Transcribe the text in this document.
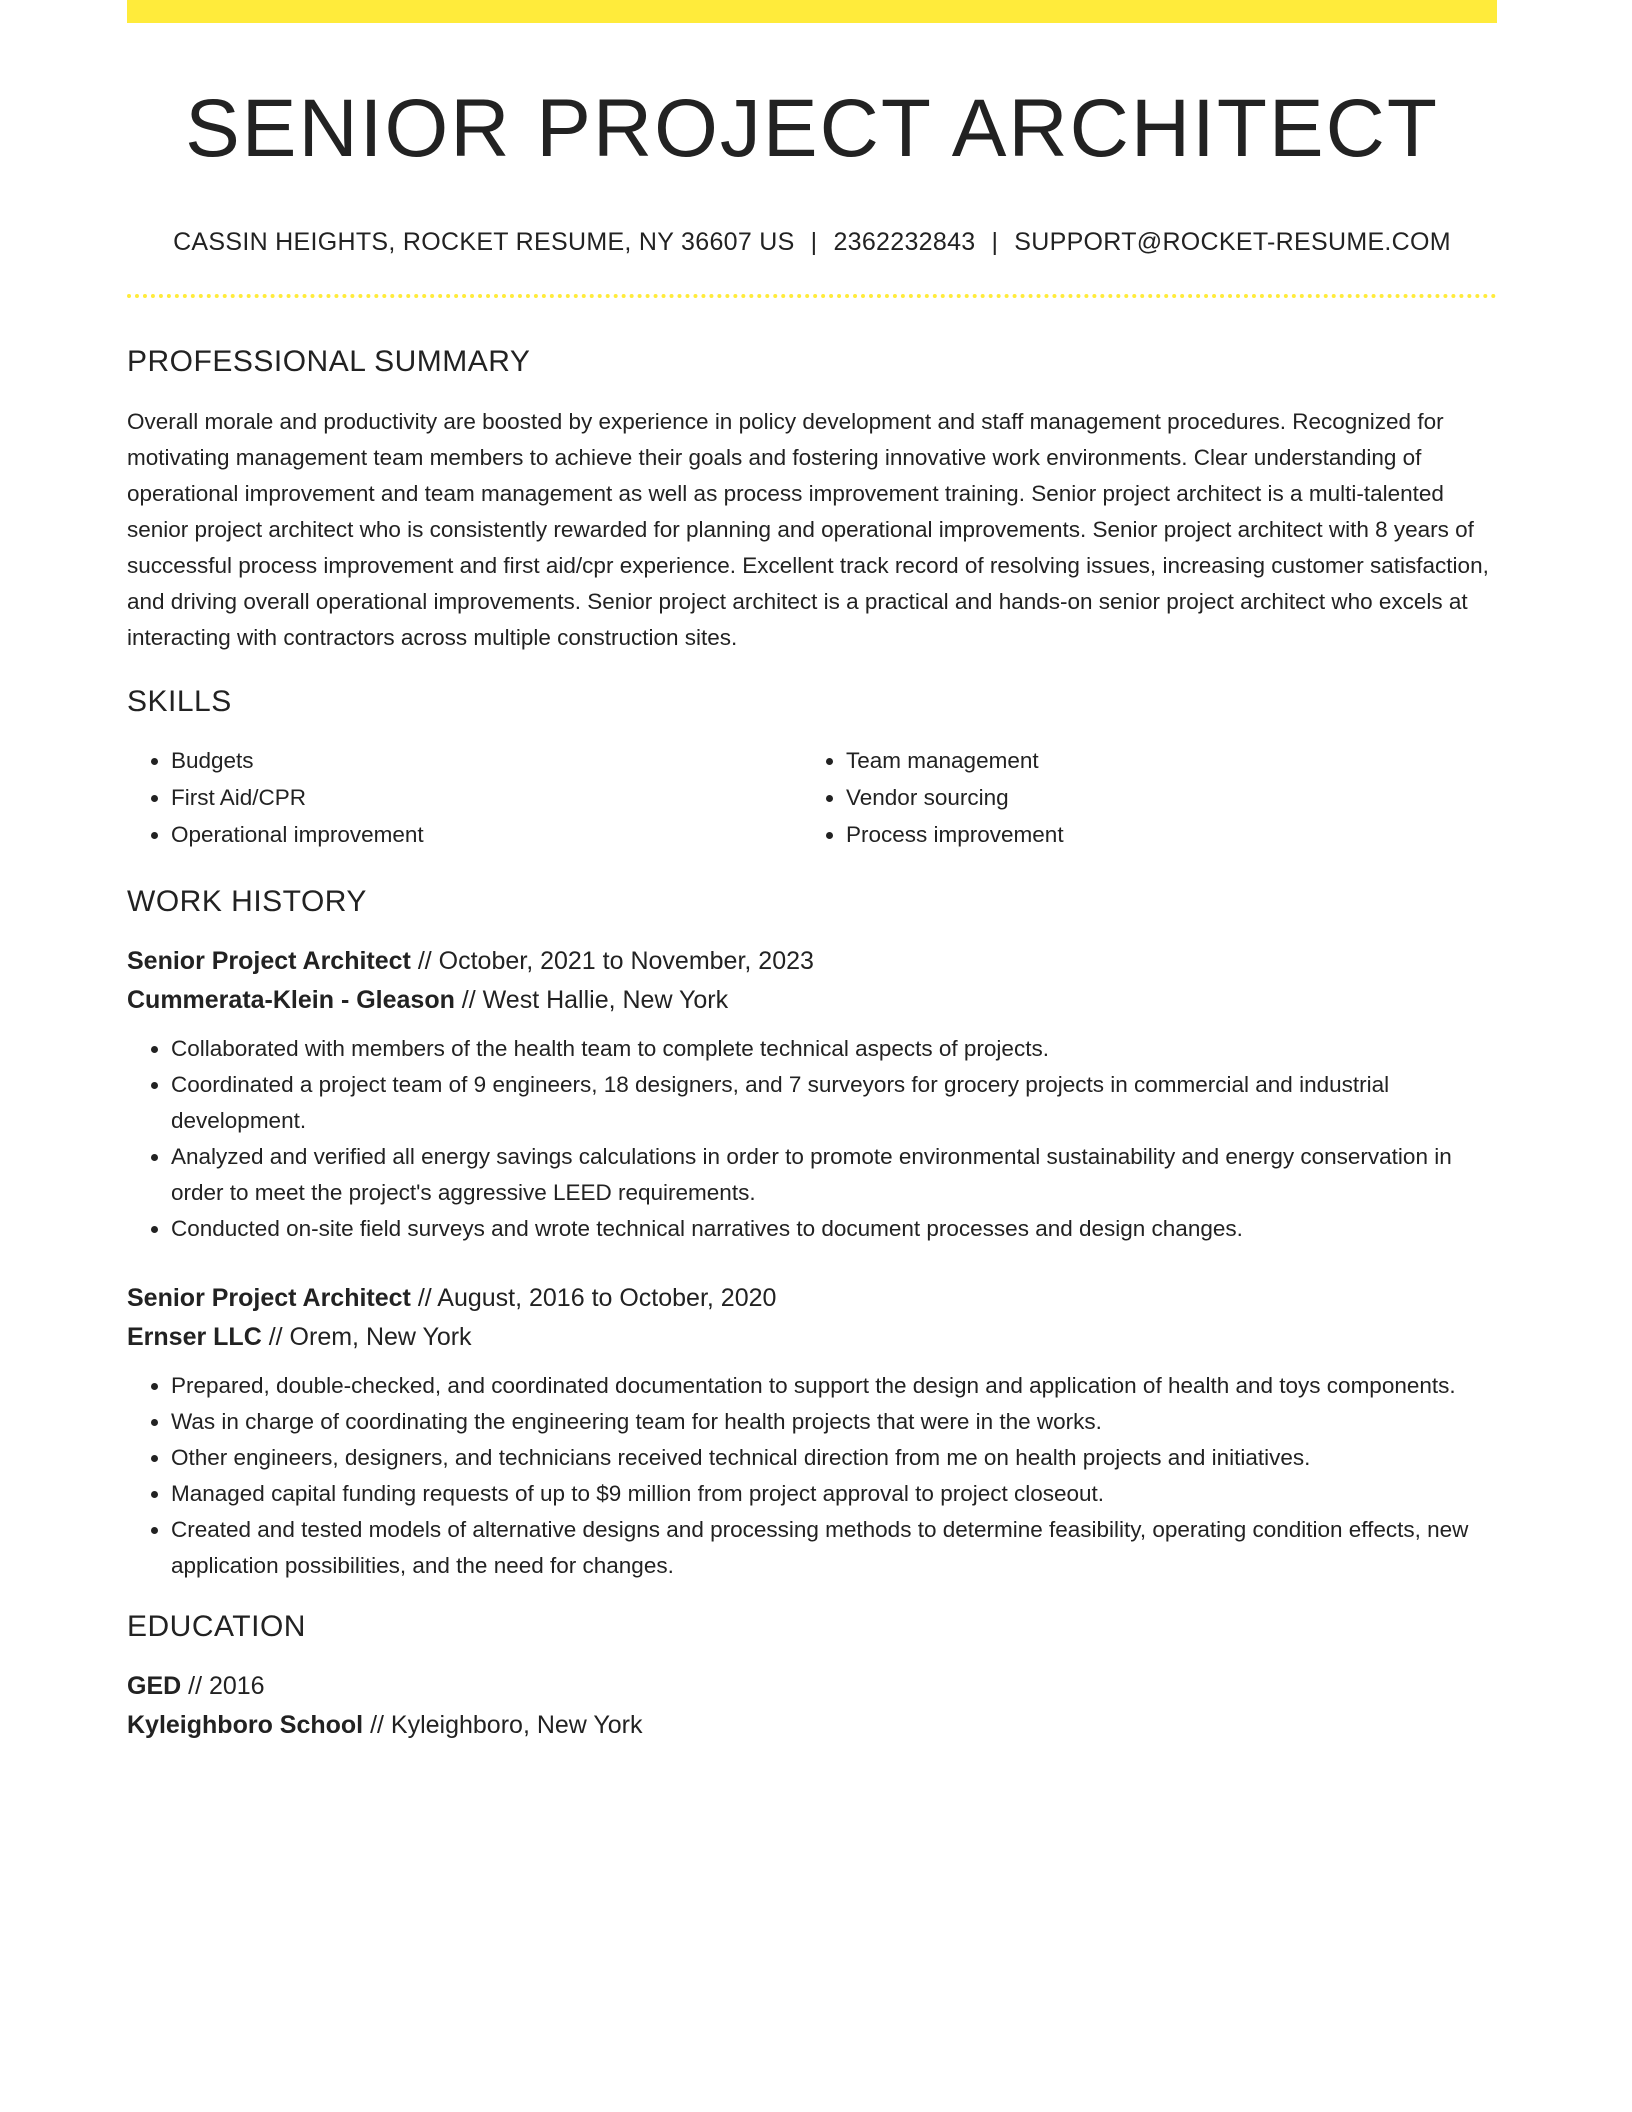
SENIOR PROJECT ARCHITECT
CASSIN HEIGHTS, ROCKET RESUME, NY 36607 US | 2362232843 | SUPPORT@ROCKET-RESUME.COM
PROFESSIONAL SUMMARY
Overall morale and productivity are boosted by experience in policy development and staff management procedures. Recognized for motivating management team members to achieve their goals and fostering innovative work environments. Clear understanding of operational improvement and team management as well as process improvement training. Senior project architect is a multi-talented senior project architect who is consistently rewarded for planning and operational improvements. Senior project architect with 8 years of successful process improvement and first aid/cpr experience. Excellent track record of resolving issues, increasing customer satisfaction, and driving overall operational improvements. Senior project architect is a practical and hands-on senior project architect who excels at interacting with contractors across multiple construction sites.
SKILLS
• Budgets
• First Aid/CPR
• Operational improvement
• Team management
• Vendor sourcing
• Process improvement
WORK HISTORY
Senior Project Architect // October, 2021 to November, 2023
Cummerata-Klein - Gleason // West Hallie, New York
• Collaborated with members of the health team to complete technical aspects of projects.
• Coordinated a project team of 9 engineers, 18 designers, and 7 surveyors for grocery projects in commercial and industrial development.
• Analyzed and verified all energy savings calculations in order to promote environmental sustainability and energy conservation in order to meet the project's aggressive LEED requirements.
• Conducted on-site field surveys and wrote technical narratives to document processes and design changes.
Senior Project Architect // August, 2016 to October, 2020
Ernser LLC // Orem, New York
• Prepared, double-checked, and coordinated documentation to support the design and application of health and toys components.
• Was in charge of coordinating the engineering team for health projects that were in the works.
• Other engineers, designers, and technicians received technical direction from me on health projects and initiatives.
• Managed capital funding requests of up to $9 million from project approval to project closeout.
• Created and tested models of alternative designs and processing methods to determine feasibility, operating condition effects, new application possibilities, and the need for changes.
EDUCATION
GED // 2016
Kyleighboro School // Kyleighboro, New York
